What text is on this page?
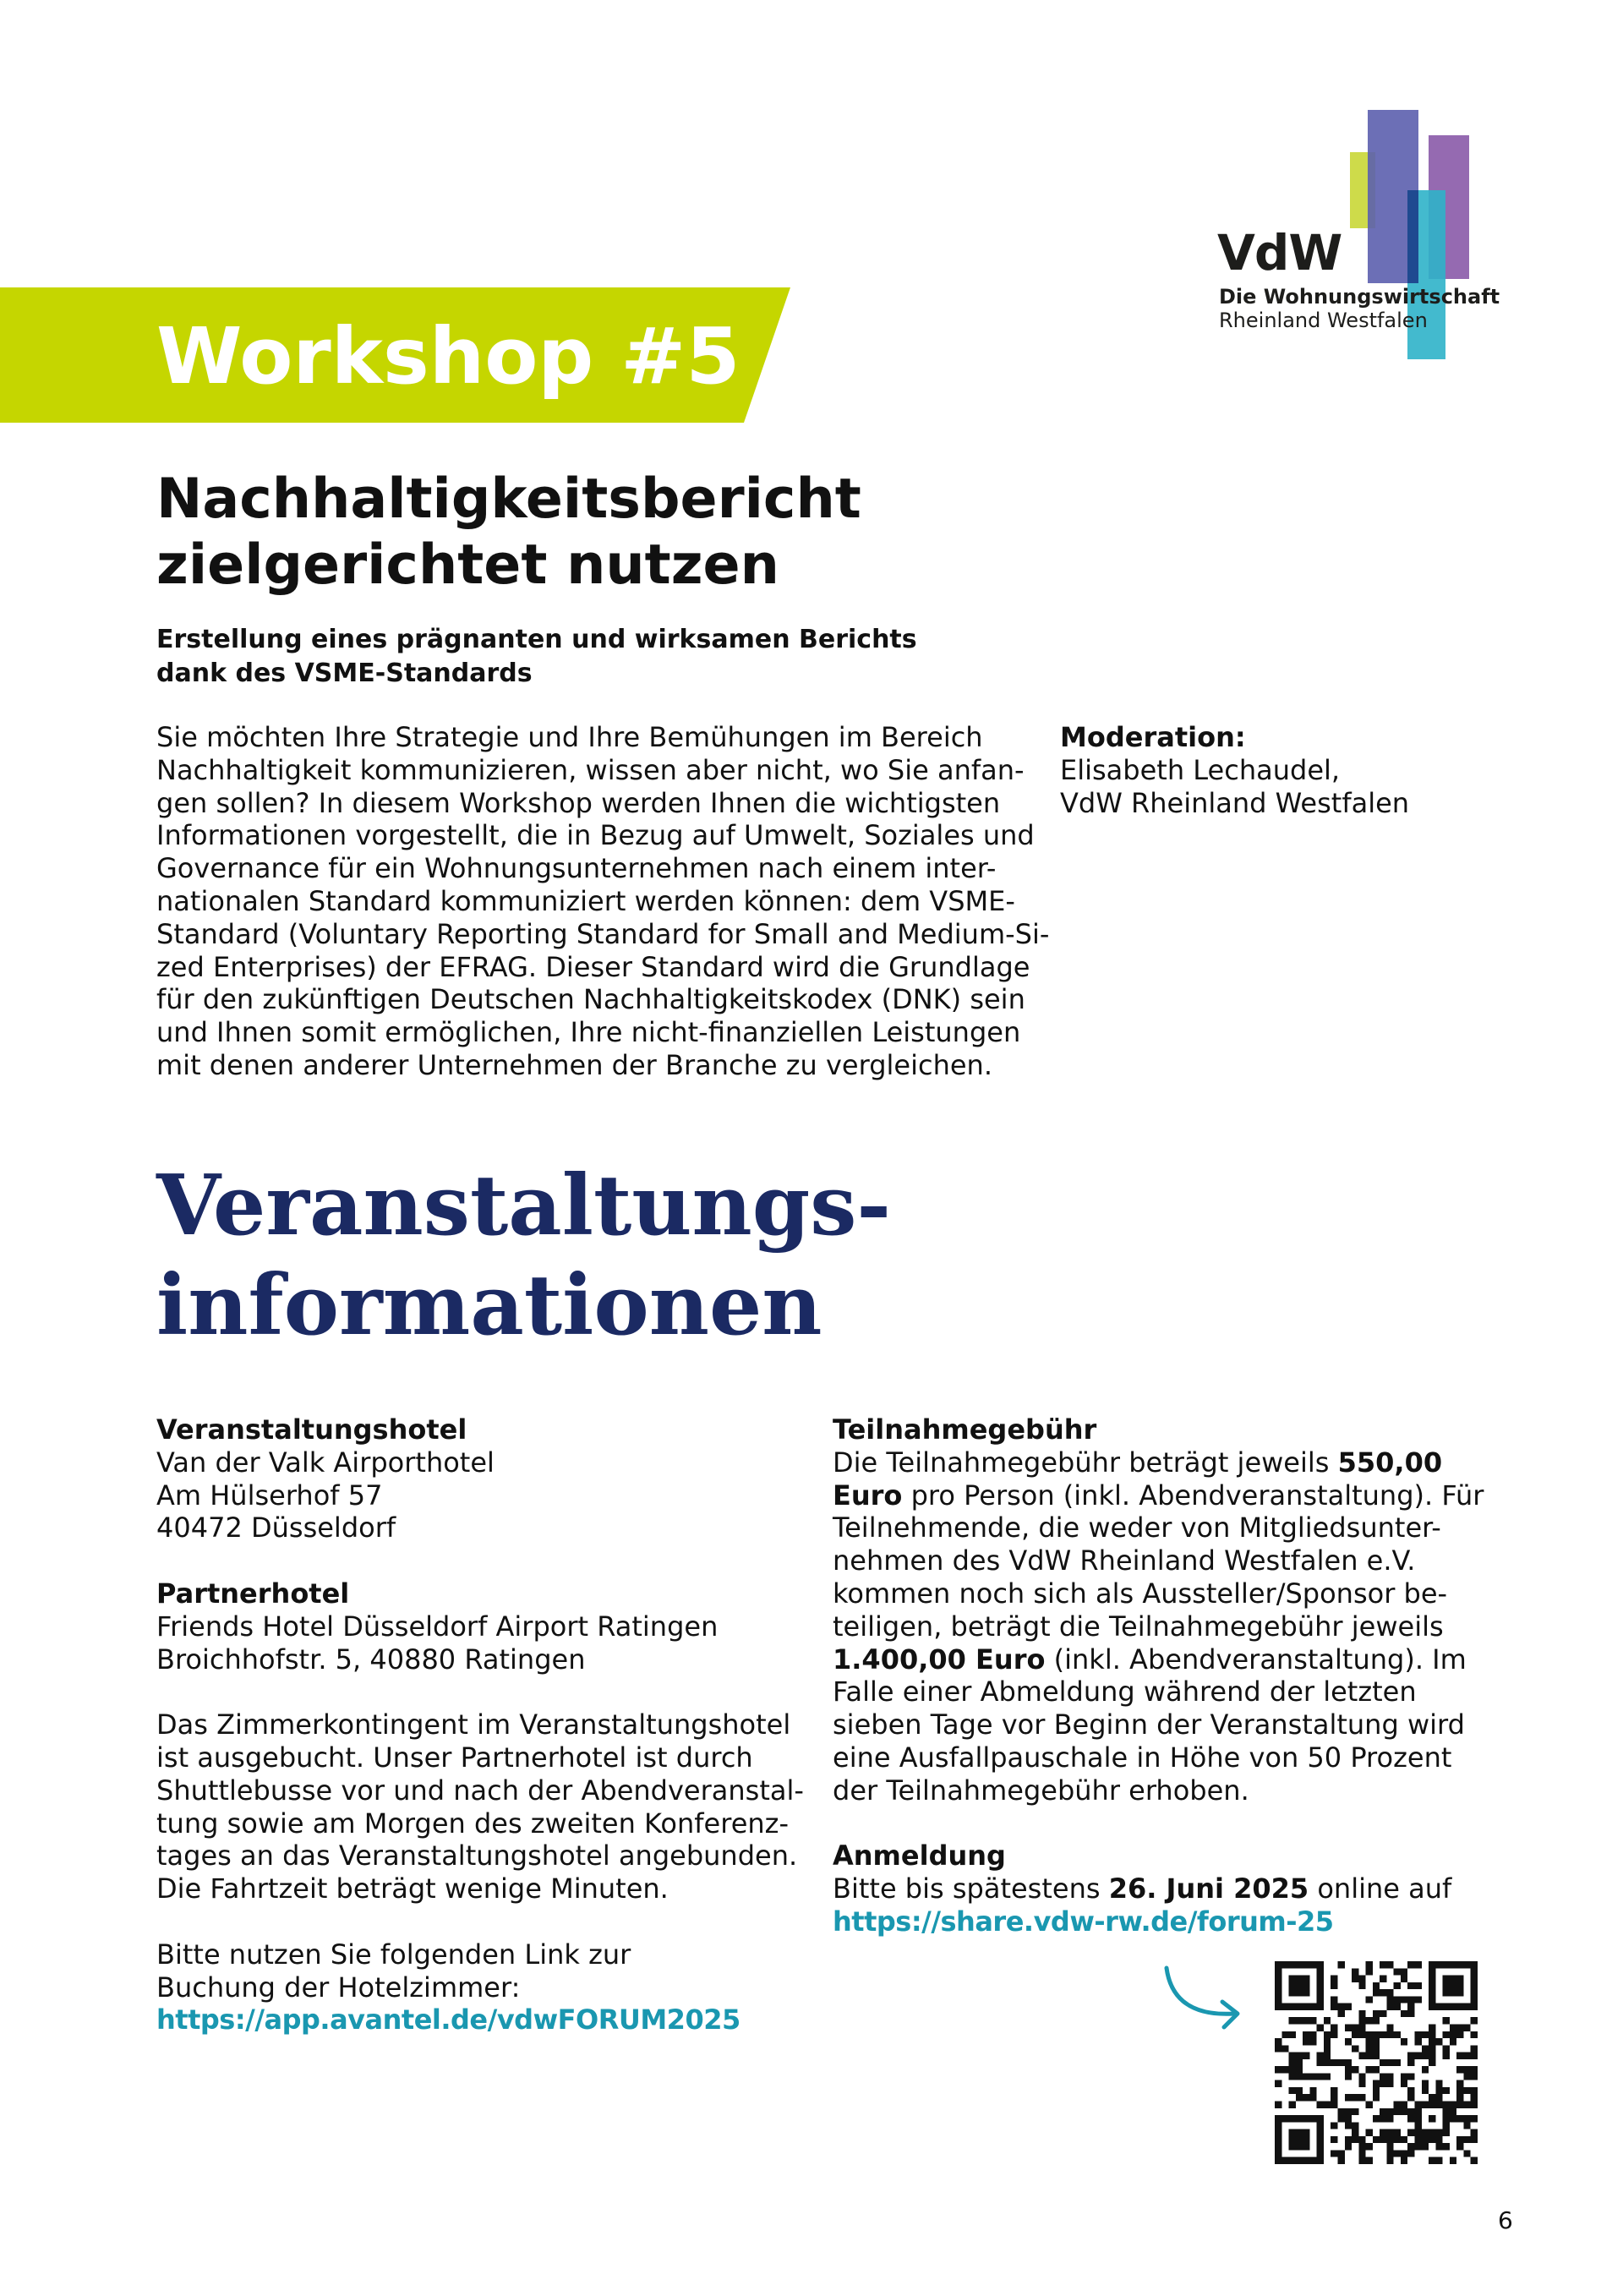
VdW
Die Wohnungswirtschaft
Rheinland Westfalen
Workshop #5
Nachhaltigkeitsbericht
zielgerichtet nutzen
Erstellung eines prägnanten und wirksamen Berichts
dank des VSME-Standards
Sie möchten Ihre Strategie und Ihre Bemühungen im Bereich
Nachhaltigkeit kommunizieren, wissen aber nicht, wo Sie anfan-
gen sollen? In diesem Workshop werden Ihnen die wichtigsten
Informationen vorgestellt, die in Bezug auf Umwelt, Soziales und
Governance für ein Wohnungsunternehmen nach einem inter-
nationalen Standard kommuniziert werden können: dem VSME-
Standard (Voluntary Reporting Standard for Small and Medium-Si-
zed Enterprises) der EFRAG. Dieser Standard wird die Grundlage
für den zukünftigen Deutschen Nachhaltigkeitskodex (DNK) sein
und Ihnen somit ermöglichen, Ihre nicht-finanziellen Leistungen
mit denen anderer Unternehmen der Branche zu vergleichen.
Moderation:
Elisabeth Lechaudel,
VdW Rheinland Westfalen
Veranstaltungs-
informationen
Veranstaltungshotel
Van der Valk Airporthotel
Am Hülserhof 57
40472 Düsseldorf
Partnerhotel
Friends Hotel Düsseldorf Airport Ratingen
Broichhofstr. 5, 40880 Ratingen
Das Zimmerkontingent im Veranstaltungshotel
ist ausgebucht. Unser Partnerhotel ist durch
Shuttlebusse vor und nach der Abendveranstal-
tung sowie am Morgen des zweiten Konferenz-
tages an das Veranstaltungshotel angebunden.
Die Fahrtzeit beträgt wenige Minuten.
Bitte nutzen Sie folgenden Link zur
Buchung der Hotelzimmer:
https://app.avantel.de/vdwFORUM2025
Teilnahmegebühr
Die Teilnahmegebühr beträgt jeweils 550,00
Euro pro Person (inkl. Abendveranstaltung). Für
Teilnehmende, die weder von Mitgliedsunter-
nehmen des VdW Rheinland Westfalen e.V.
kommen noch sich als Aussteller/Sponsor be-
teiligen, beträgt die Teilnahmegebühr jeweils
1.400,00 Euro (inkl. Abendveranstaltung). Im
Falle einer Abmeldung während der letzten
sieben Tage vor Beginn der Veranstaltung wird
eine Ausfallpauschale in Höhe von 50 Prozent
der Teilnahmegebühr erhoben.
Anmeldung
Bitte bis spätestens 26. Juni 2025 online auf
https://share.vdw-rw.de/forum-25
6
